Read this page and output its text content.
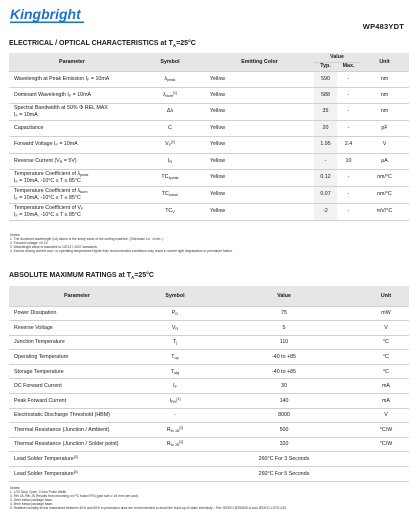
Kingbright
WP483YDT
ELECTRICAL / OPTICAL CHARACTERISTICS at $T_A=25^\circ C$
Parameter	Symbol	Emitting Color	Value		Unit
			Typ.	Max.	
Wavelength at Peak Emission $I_F = 10mA$	$\lambda_{peak}$	Yellow	590	-	nm
Dominant Wavelength $I_F = 10mA$	$\lambda_{dom}[1]$	Yellow	588	-	nm

Spectral Bandwidth at 50% Φ REL MAX
$I_F = 10mA$	Δλ	Yellow	35	-	nm
Capacitance	C	Yellow	20	-	pF
Forward Voltage $I_F = 10mA$	$V_F[2]$	Yellow	1.95	2.4	V
Reverse Current $(V_R = 5V)$	$I_R$	Yellow	-	10	μA
Temperature Coefficient of $\lambda_{peak}$
$I_F = 10mA$, -10°C ≤ T ≤ 85°C	$TC_{\lambda peak}$	Yellow	0.12	-	nm/°C
Temperature Coefficient of $\lambda_{dom}$
$I_F = 10mA$, -10°C ≤ T ≤ 85°C	$TC_{\lambda dom}$	Yellow	0.07	-	nm/°C
Temperature Coefficient of $V_F$
$I_F = 10mA$, -10°C ≤ T ≤ 85°C	$TC_V$	Yellow	-2	-	mV/°C
Notes:
1. The dominant wavelength (λd) above is the setup value of the sorting machine. (Tolerance λd : ±1nm. )
2. Forward voltage: ±0.1V.
3. Wavelength value is traceable to CIE127-2007 standards.
4. Excess driving current and / or operating temperature higher than recommended conditions may result in severe light degradation or premature failure.
ABSOLUTE MAXIMUM RATINGS at $T_A=25^\circ C$
Parameter	Symbol	Value	Unit
Power Dissipation	$P_D$	75	mW
Reverse Voltage	$V_R$	5	V
Junction Temperature	$T_j$	110	°C
Operating Temperature	$T_{op}$	-40 to +85	°C
Storage Temperature	$T_{stg}$	-40 to +85	°C
DC Forward Current	$I_F$	30	mA
Peak Forward Current	$I_{FM}[1]$	140	mA
Electrostatic Discharge Threshold (HBM)	-	8000	V
Thermal Resistance (Junction / Ambient)	$R_{th JA}[2]$	500	°C/W
Thermal Resistance (Junction / Solder point)	$R_{th JS}[2]$	320	°C/W
Lead Solder Temperature[3]		260°C For 3 Seconds	
Lead Solder Temperature[4]		260°C For 5 Seconds	
Notes:
1. 1/10 Duty Cycle, 0.1ms Pulse Width.
2. Rth JA ,Rth JS Results from mounting on PC board FR4 (pad size ≥ 16 mm² per pad).
3. 2mm below package base.
4. 5mm below package base.
5. Relative humidity levels maintained between 40% and 60% in production area are recommended to avoid the build-up of static electricity – Ref JEDEC/JESD625-A and JEDEC/J-STD-033.
